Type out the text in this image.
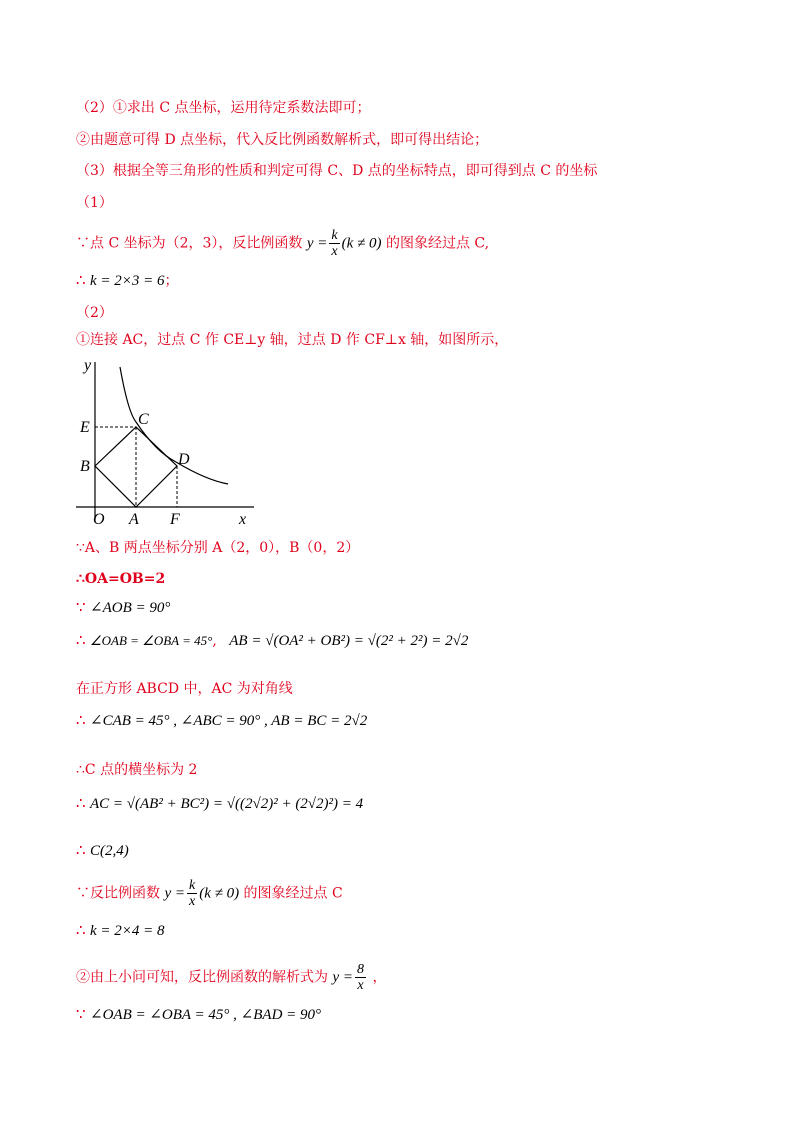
（2）①求出 C 点坐标，运用待定系数法即可；
②由题意可得 D 点坐标，代入反比例函数解析式，即可得出结论；
（3）根据全等三角形的性质和判定可得 C、D 点的坐标特点，即可得到点 C 的坐标
（1）
∵点 C 坐标为（2，3），反比例函数 $y = \frac{k}{x} (k \ne 0)$ 的图象经过点 C,
∴ k = 2×3 = 6；
（2）
①连接 AC，过点 C 作 CE⊥y 轴，过点 D 作 CF⊥x 轴，如图所示，
y
x
O A F
B
E	C
D
∵A、B 两点坐标分别 A（2，0），B（0，2）
∴OA=OB=2
∵ ∠AOB = 90°
∴ ∠OAB = ∠OBA = 45°, AB = √(OA² + OB²) = √(2² + 2²) = 2√2
在正方形 ABCD 中，AC 为对角线
∴ ∠CAB = 45° , ∠ABC = 90° , AB = BC = 2√2
∴C 点的横坐标为 2
∴ AC = √(AB² + BC²) = √((2√2)² + (2√2)²) = 4
∴ C(2,4)
∵反比例函数 $y = \frac{k}{x} (k \ne 0)$ 的图象经过点 C
∴ k = 2×4 = 8
②由上小问可知，反比例函数的解析式为 $y = \frac{8}{x}$ ，
∵ ∠OAB = ∠OBA = 45° , ∠BAD = 90°
